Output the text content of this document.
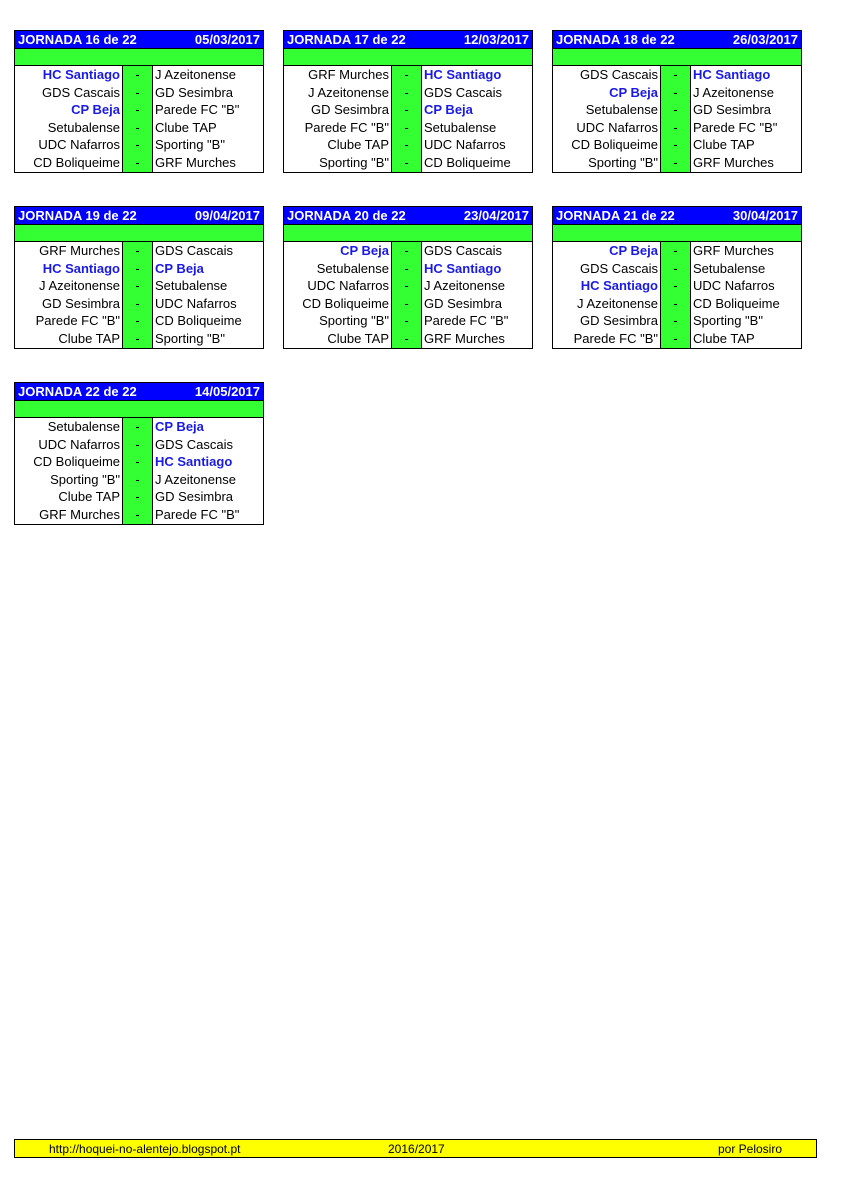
JORNADA 16 de 22	05/03/2017
HC Santiago	-	J Azeitonense
GDS Cascais	-	GD Sesimbra
CP Beja	-	Parede FC "B"
Setubalense	-	Clube TAP
UDC Nafarros	-	Sporting "B"
CD Boliqueime	-	GRF Murches
JORNADA 17 de 22	12/03/2017
GRF Murches	-	HC Santiago
J Azeitonense	-	GDS Cascais
GD Sesimbra	-	CP Beja
Parede FC "B"	-	Setubalense
Clube TAP	-	UDC Nafarros
Sporting "B"	-	CD Boliqueime
JORNADA 18 de 22	26/03/2017
GDS Cascais	-	HC Santiago
CP Beja	-	J Azeitonense
Setubalense	-	GD Sesimbra
UDC Nafarros	-	Parede FC "B"
CD Boliqueime	-	Clube TAP
Sporting "B"	-	GRF Murches
JORNADA 19 de 22	09/04/2017
GRF Murches	-	GDS Cascais
HC Santiago	-	CP Beja
J Azeitonense	-	Setubalense
GD Sesimbra	-	UDC Nafarros
Parede FC "B"	-	CD Boliqueime
Clube TAP	-	Sporting "B"
JORNADA 20 de 22	23/04/2017
CP Beja	-	GDS Cascais
Setubalense	-	HC Santiago
UDC Nafarros	-	J Azeitonense
CD Boliqueime	-	GD Sesimbra
Sporting "B"	-	Parede FC "B"
Clube TAP	-	GRF Murches
JORNADA 21 de 22	30/04/2017
CP Beja	-	GRF Murches
GDS Cascais	-	Setubalense
HC Santiago	-	UDC Nafarros
J Azeitonense	-	CD Boliqueime
GD Sesimbra	-	Sporting "B"
Parede FC "B"	-	Clube TAP
JORNADA 22 de 22	14/05/2017
Setubalense	-	CP Beja
UDC Nafarros	-	GDS Cascais
CD Boliqueime	-	HC Santiago
Sporting "B"	-	J Azeitonense
Clube TAP	-	GD Sesimbra
GRF Murches	-	Parede FC "B"
http://hoquei-no-alentejo.blogspot.pt	2016/2017	por Pelosiro
